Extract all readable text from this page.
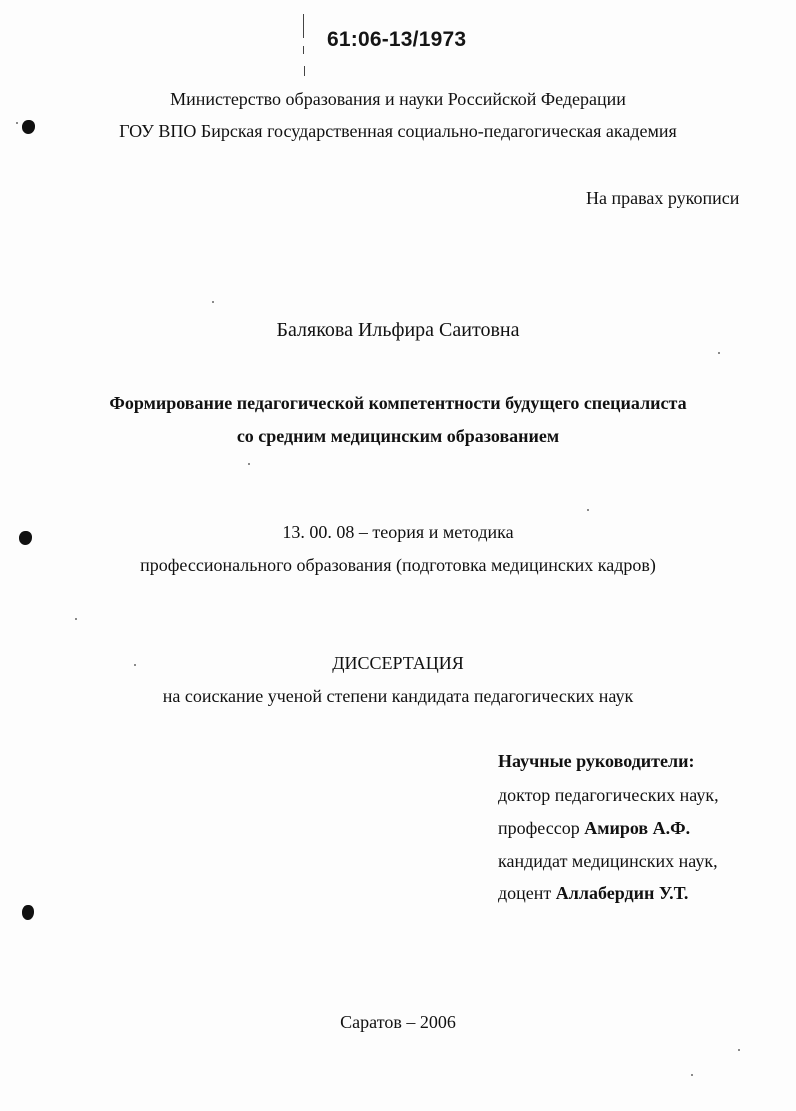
61:06-13/1973
Министерство образования и науки Российской Федерации
ГОУ ВПО Бирская государственная социально-педагогическая академия
На правах рукописи
Балякова Ильфира Саитовна
Формирование педагогической компетентности будущего специалиста
со средним медицинским образованием
13. 00. 08 – теория и методика
профессионального образования (подготовка медицинских кадров)
ДИССЕРТАЦИЯ
на соискание ученой степени кандидата педагогических наук
Научные руководители:
доктор педагогических наук,
профессор Амиров А.Ф.
кандидат медицинских наук,
доцент Аллабердин У.Т.
Саратов – 2006
